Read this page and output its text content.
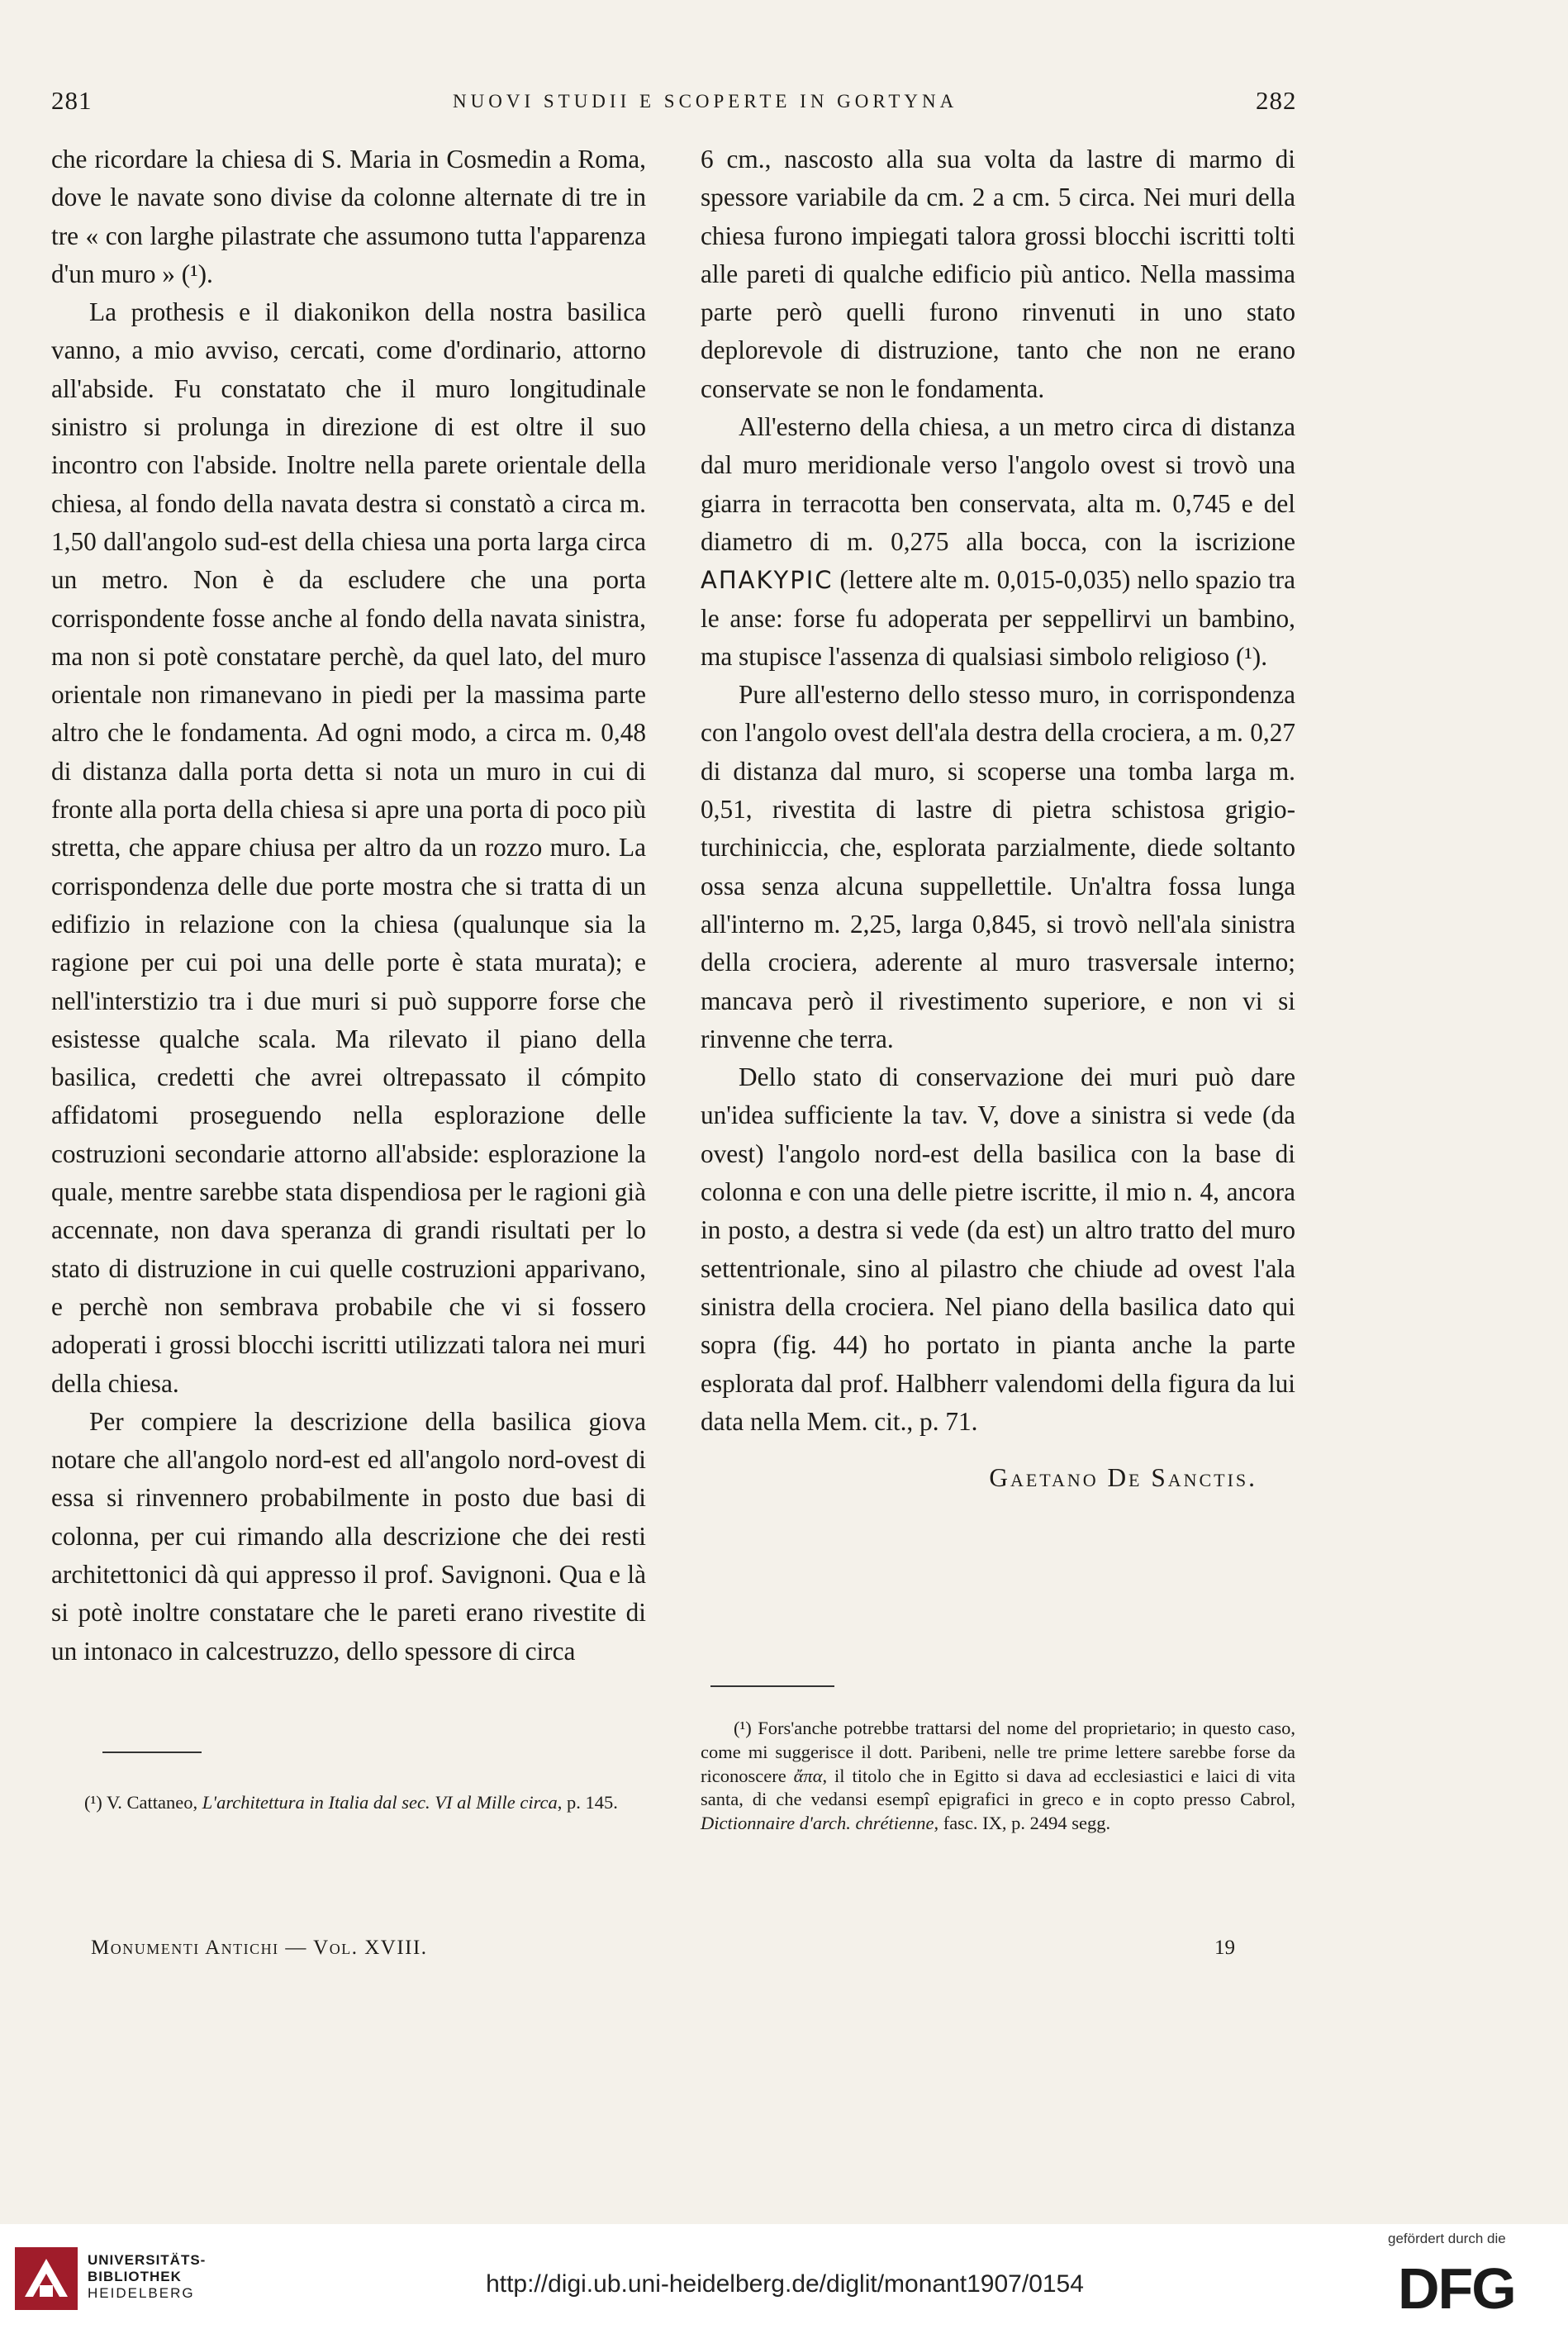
281	NUOVI STUDII E SCOPERTE IN GORTYNA	282

che ricordare la chiesa di S. Maria in Cosmedin a Roma, dove le navate sono divise da colonne alternate di tre in tre « con larghe pilastrate che assumono tutta l'apparenza d'un muro » (¹).

La prothesis e il diakonikon della nostra basilica vanno, a mio avviso, cercati, come d'ordinario, attorno all'abside. Fu constatato che il muro longitudinale sinistro si prolunga in direzione di est oltre il suo incontro con l'abside. Inoltre nella parete orientale della chiesa, al fondo della navata destra si constatò a circa m. 1,50 dall'angolo sud-est della chiesa una porta larga circa un metro. Non è da escludere che una porta corrispondente fosse anche al fondo della navata sinistra, ma non si potè constatare perchè, da quel lato, del muro orientale non rimanevano in piedi per la massima parte altro che le fondamenta. Ad ogni modo, a circa m. 0,48 di distanza dalla porta detta si nota un muro in cui di fronte alla porta della chiesa si apre una porta di poco più stretta, che appare chiusa per altro da un rozzo muro. La corrispondenza delle due porte mostra che si tratta di un edifizio in relazione con la chiesa (qualunque sia la ragione per cui poi una delle porte è stata murata); e nell'interstizio tra i due muri si può supporre forse che esistesse qualche scala. Ma rilevato il piano della basilica, credetti che avrei oltrepassato il cómpito affidatomi proseguendo nella esplorazione delle costruzioni secondarie attorno all'abside: esplorazione la quale, mentre sarebbe stata dispendiosa per le ragioni già accennate, non dava speranza di grandi risultati per lo stato di distruzione in cui quelle costruzioni apparivano, e perchè non sembrava probabile che vi si fossero adoperati i grossi blocchi iscritti utilizzati talora nei muri della chiesa.

Per compiere la descrizione della basilica giova notare che all'angolo nord-est ed all'angolo nord-ovest di essa si rinvennero probabilmente in posto due basi di colonna, per cui rimando alla descrizione che dei resti architettonici dà qui appresso il prof. Savignoni. Qua e là si potè inoltre constatare che le pareti erano rivestite di un intonaco in calcestruzzo, dello spessore di circa

6 cm., nascosto alla sua volta da lastre di marmo di spessore variabile da cm. 2 a cm. 5 circa. Nei muri della chiesa furono impiegati talora grossi blocchi iscritti tolti alle pareti di qualche edificio più antico. Nella massima parte però quelli furono rinvenuti in uno stato deplorevole di distruzione, tanto che non ne erano conservate se non le fondamenta.

All'esterno della chiesa, a un metro circa di distanza dal muro meridionale verso l'angolo ovest si trovò una giarra in terracotta ben conservata, alta m. 0,745 e del diametro di m. 0,275 alla bocca, con la iscrizione ΑΠΑΚΥΡΙC (lettere alte m. 0,015-0,035) nello spazio tra le anse: forse fu adoperata per seppellirvi un bambino, ma stupisce l'assenza di qualsiasi simbolo religioso (¹).

Pure all'esterno dello stesso muro, in corrispondenza con l'angolo ovest dell'ala destra della crociera, a m. 0,27 di distanza dal muro, si scoperse una tomba larga m. 0,51, rivestita di lastre di pietra schistosa grigio-turchiniccia, che, esplorata parzialmente, diede soltanto ossa senza alcuna suppellettile. Un'altra fossa lunga all'interno m. 2,25, larga 0,845, si trovò nell'ala sinistra della crociera, aderente al muro trasversale interno; mancava però il rivestimento superiore, e non vi si rinvenne che terra.

Dello stato di conservazione dei muri può dare un'idea sufficiente la tav. V, dove a sinistra si vede (da ovest) l'angolo nord-est della basilica con la base di colonna e con una delle pietre iscritte, il mio n. 4, ancora in posto, a destra si vede (da est) un altro tratto del muro settentrionale, sino al pilastro che chiude ad ovest l'ala sinistra della crociera. Nel piano della basilica dato qui sopra (fig. 44) ho portato in pianta anche la parte esplorata dal prof. Halbherr valendomi della figura da lui data nella Mem. cit., p. 71.

Gaetano De Sanctis.

(¹) V. Cattaneo, L'architettura in Italia dal sec. VI al Mille circa, p. 145.

(¹) Fors'anche potrebbe trattarsi del nome del proprietario; in questo caso, come mi suggerisce il dott. Paribeni, nelle tre prime lettere sarebbe forse da riconoscere ἄπα, il titolo che in Egitto si dava ad ecclesiastici e laici di vita santa, di che vedansi esempî epigrafici in greco e in copto presso Cabrol, Dictionnaire d'arch. chrétienne, fasc. IX, p. 2494 segg.

Monumenti Antichi — Vol. XVIII.	19
UNIVERSITÄTS-
BIBLIOTHEK
HEIDELBERG	http://digi.ub.uni-heidelberg.de/diglit/monant1907/0154
gefördert durch die
DFG
